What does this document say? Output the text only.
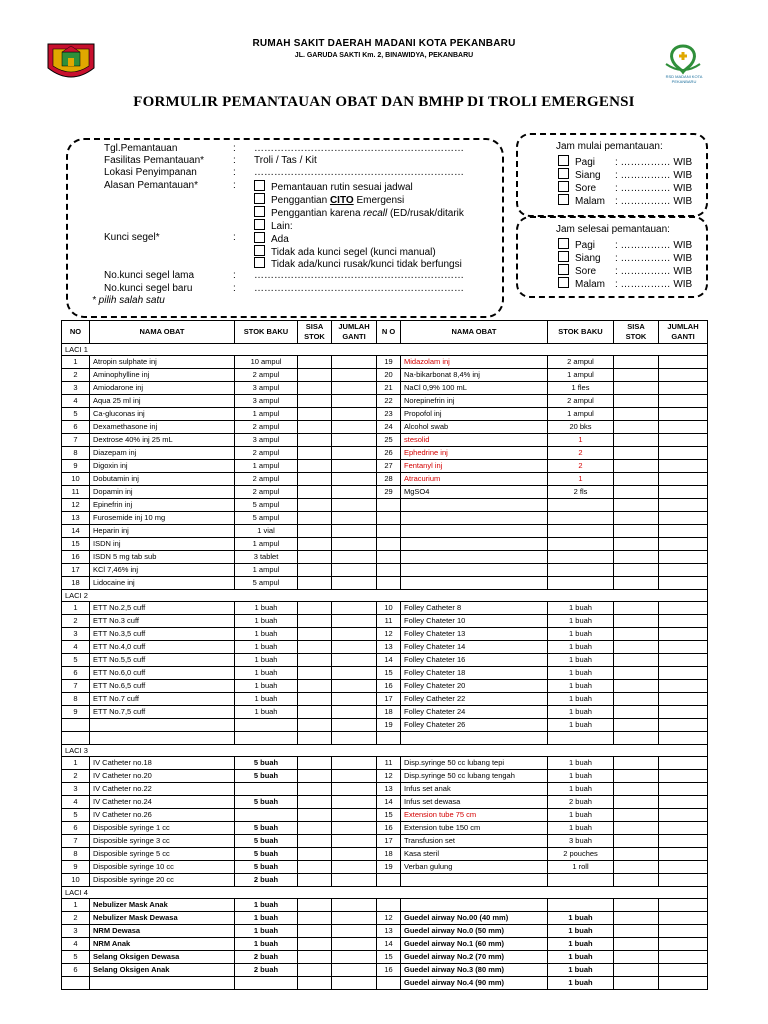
RUMAH SAKIT DAERAH MADANI KOTA PEKANBARU
JL. GARUDA SAKTI Km. 2, BINAWIDYA, PEKANBARU
RSD MADANI KOTA PEKANBARU
FORMULIR PEMANTAUAN OBAT DAN BMHP DI TROLI EMERGENSI
Tgl.Pemantauan	: ………………………………………………………
Fasilitas Pemantauan*	: Troli / Tas / Kit
Lokasi Penyimpanan	: ………………………………………………………
Alasan Pemantauan*	:	Pemantauan rutin sesuai jadwal
Penggantian CITO Emergensi
Penggantian karena recall (ED/rusak/ditarik
Lain:
Kunci segel*	:	Ada
Tidak ada kunci segel (kunci manual)
Tidak ada/kunci rusak/kunci tidak berfungsi
No.kunci segel lama	: ………………………………………………………
No.kunci segel baru	: ………………………………………………………
* pilih salah satu
Jam mulai pemantauan:
Pagi : …………… WIB
Siang : …………… WIB
Sore : …………… WIB
Malam : …………… WIB
Jam selesai pemantauan:
Pagi : …………… WIB
Siang : …………… WIB
Sore : …………… WIB
Malam : …………… WIB
NO	NAMA OBAT	STOK BAKU	SISA STOK	JUMLAH GANTI	N O	NAMA OBAT	STOK BAKU	SISA STOK	JUMLAH GANTI
LACI 1									
1	Atropin sulphate inj	10 ampul			19	Midazolam inj	2 ampul		
2	Aminophylline inj	2 ampul			20	Na-bikarbonat 8,4% inj	1 ampul		
3	Amiodarone inj	3 ampul			21	NaCl 0,9% 100 mL	1 fles		
4	Aqua 25 ml inj	3 ampul			22	Norepinefrin inj	2 ampul		
5	Ca-gluconas inj	1 ampul			23	Propofol inj	1 ampul		
6	Dexamethasone inj	2 ampul			24	Alcohol swab	20 bks		
7	Dextrose 40% inj 25 mL	3 ampul			25	stesolid	1		
8	Diazepam inj	2 ampul			26	Ephedrine inj	2		
9	Digoxin inj	1 ampul			27	Fentanyl inj	2		
10	Dobutamin inj	2 ampul			28	Atracurium	1		
11	Dopamin inj	2 ampul			29	MgSO4	2 fls		
12	Epinefrin inj	5 ampul							
13	Furosemide inj 10 mg	5 ampul							
14	Heparin inj	1 vial							
15	ISDN inj	1 ampul							
16	ISDN 5 mg tab sub	3 tablet							
17	KCl 7,46% inj	1 ampul							
18	Lidocaine inj	5 ampul							
LACI 2									
1	ETT No.2,5 cuff	1 buah			10	Folley Catheter 8	1 buah		
2	ETT No.3 cuff	1 buah			11	Folley Chateter 10	1 buah		
3	ETT No.3,5 cuff	1 buah			12	Folley Chateter 13	1 buah		
4	ETT No.4,0 cuff	1 buah			13	Folley Chateter 14	1 buah		
5	ETT No.5,5 cuff	1 buah			14	Folley Chateter 16	1 buah		
6	ETT No.6,0 cuff	1 buah			15	Folley Chateter 18	1 buah		
7	ETT No.6,5 cuff	1 buah			16	Folley Chateter 20	1 buah		
8	ETT No.7 cuff	1 buah			17	Folley Catheter 22	1 buah		
9	ETT No.7,5 cuff	1 buah			18	Folley Chateter 24	1 buah		
					19	Folley Chateter 26	1 buah		

LACI 3									
1	IV Catheter no.18	5 buah			11	Disp.syringe 50 cc lubang tepi	1 buah		
2	IV Catheter no.20	5 buah			12	Disp.syringe 50 cc lubang tengah	1 buah		
3	IV Catheter no.22				13	Infus set anak	1 buah		
4	IV Catheter no.24	5 buah			14	Infus set dewasa	2 buah		
5	IV Catheter no.26				15	Extension tube 75 cm	1 buah		
6	Disposible syringe 1 cc	5 buah			16	Extension tube 150 cm	1 buah		
7	Disposible syringe 3 cc	5 buah			17	Transfusion set	3 buah		
8	Disposible syringe 5 cc	5 buah			18	Kasa steril	2 pouches		
9	Disposible syringe 10 cc	5 buah			19	Verban gulung	1 roll		
10	Disposible syringe 20 cc	2 buah							
LACI 4									
1	Nebulizer Mask Anak	1 buah							
2	Nebulizer Mask Dewasa	1 buah			12	Guedel airway No.00 (40 mm)	1 buah		
3	NRM Dewasa	1 buah			13	Guedel airway No.0 (50 mm)	1 buah		
4	NRM Anak	1 buah			14	Guedel airway No.1 (60 mm)	1 buah		
5	Selang Oksigen Dewasa	2 buah			15	Guedel airway No.2 (70 mm)	1 buah		
6	Selang Oksigen Anak	2 buah			16	Guedel airway No.3 (80 mm)	1 buah		
						Guedel airway No.4 (90 mm)	1 buah		
